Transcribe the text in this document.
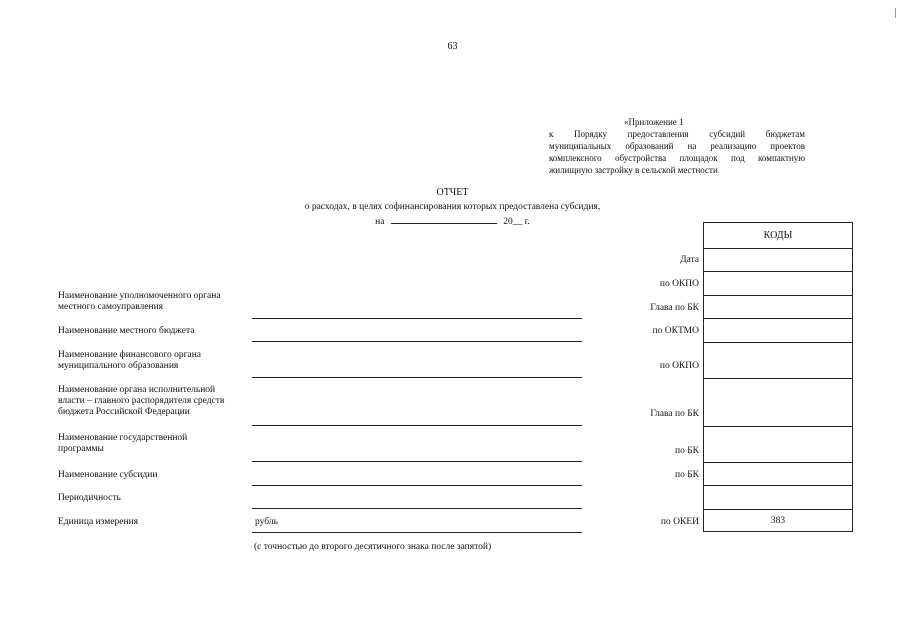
63
«Приложение 1
к Порядку предоставления субсидий бюджетам
муниципальных образований на реализацию проектов
комплексного обустройства площадок под компактную
жилищную застройку в сельской местности
ОТЧЕТ
о расходах, в целях софинансирования которых предоставлена субсидия,
на	20__ г.
Наименование уполномоченного органа
местного самоуправления
Наименование местного бюджета
Наименование финансового органа
муниципального образования
Наименование органа исполнительной
власти – главного распорядителя средств
бюджета Российской Федерации
Наименование государственной
программы
Наименование субсидии
Периодичность
Единица измерения	рубль
(с точностью до второго десятичного знака после запятой)
Дата
по ОКПО
Глава по БК
по ОКТМО
по ОКПО
Глава по БК
по БК
по БК
по ОКЕИ
КОДЫ
383
